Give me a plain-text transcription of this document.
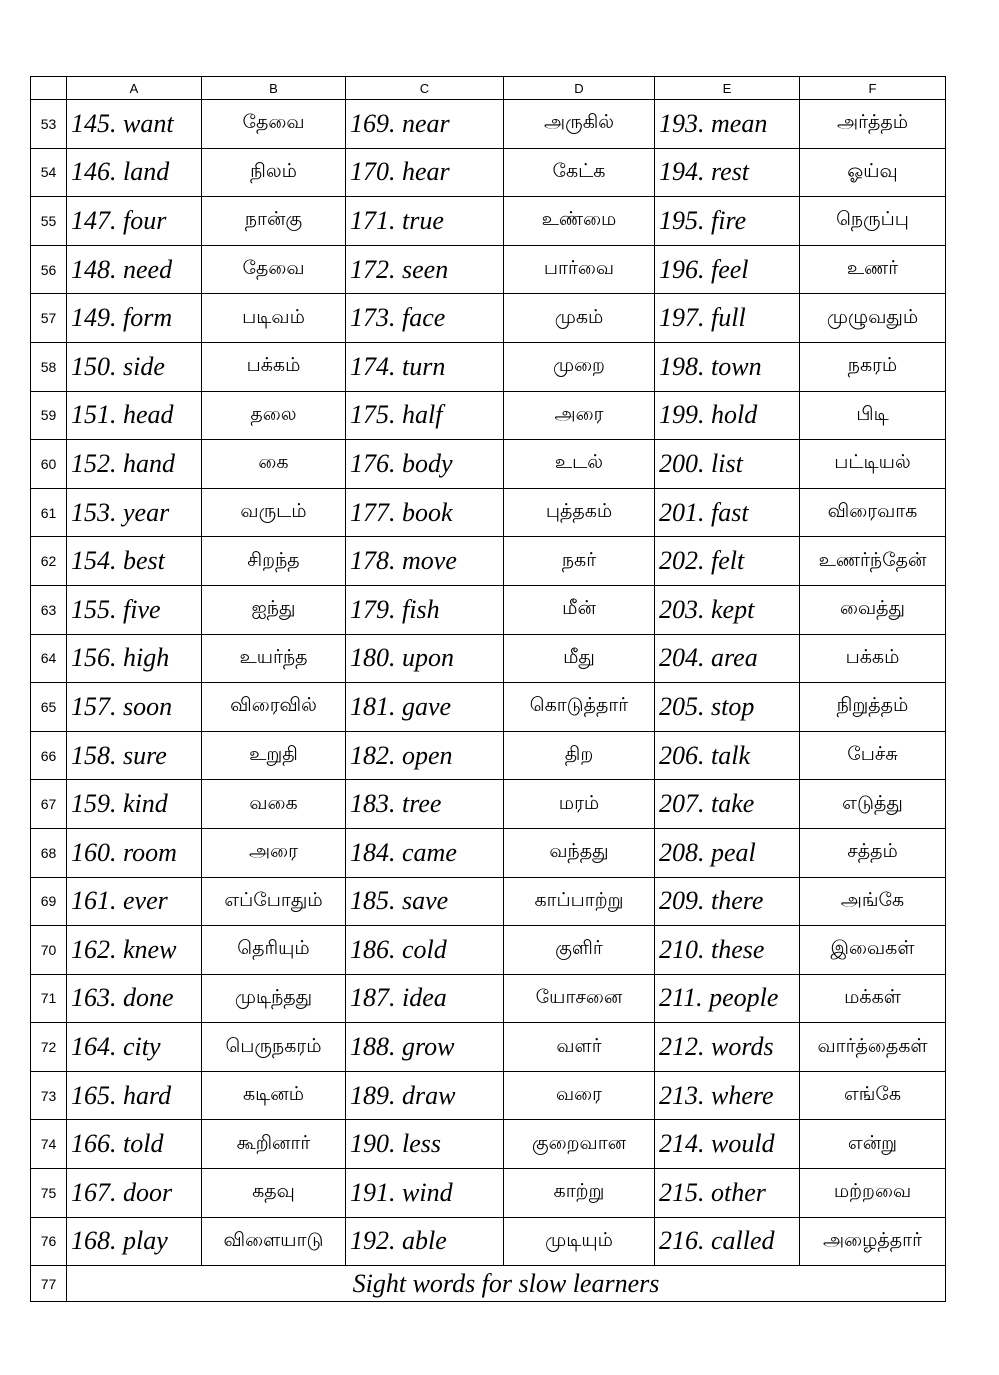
	A	B	C	D	E	F
53	145. want	தேவை	169. near	அருகில்	193. mean	அர்த்தம்
54	146. land	நிலம்	170. hear	கேட்க	194. rest	ஓய்வு
55	147. four	நான்கு	171. true	உண்மை	195. fire	நெருப்பு
56	148. need	தேவை	172. seen	பார்வை	196. feel	உணர்
57	149. form	படிவம்	173. face	முகம்	197. full	முழுவதும்
58	150. side	பக்கம்	174. turn	முறை	198. town	நகரம்
59	151. head	தலை	175. half	அரை	199. hold	பிடி
60	152. hand	கை	176. body	உடல்	200. list	பட்டியல்
61	153. year	வருடம்	177. book	புத்தகம்	201. fast	விரைவாக
62	154. best	சிறந்த	178. move	நகர்	202. felt	உணர்ந்தேன்
63	155. five	ஐந்து	179. fish	மீன்	203. kept	வைத்து
64	156. high	உயர்ந்த	180. upon	மீது	204. area	பக்கம்
65	157. soon	விரைவில்	181. gave	கொடுத்தார்	205. stop	நிறுத்தம்
66	158. sure	உறுதி	182. open	திற	206. talk	பேச்சு
67	159. kind	வகை	183. tree	மரம்	207. take	எடுத்து
68	160. room	அரை	184. came	வந்தது	208. peal	சத்தம்
69	161. ever	எப்போதும்	185. save	காப்பாற்று	209. there	அங்கே
70	162. knew	தெரியும்	186. cold	குளிர்	210. these	இவைகள்
71	163. done	முடிந்தது	187. idea	யோசனை	211. people	மக்கள்
72	164. city	பெருநகரம்	188. grow	வளர்	212. words	வார்த்தைகள்
73	165. hard	கடினம்	189. draw	வரை	213. where	எங்கே
74	166. told	கூறினார்	190. less	குறைவான	214. would	என்று
75	167. door	கதவு	191. wind	காற்று	215. other	மற்றவை
76	168. play	விளையாடு	192. able	முடியும்	216. called	அழைத்தார்
77	Sight words for slow learners					
